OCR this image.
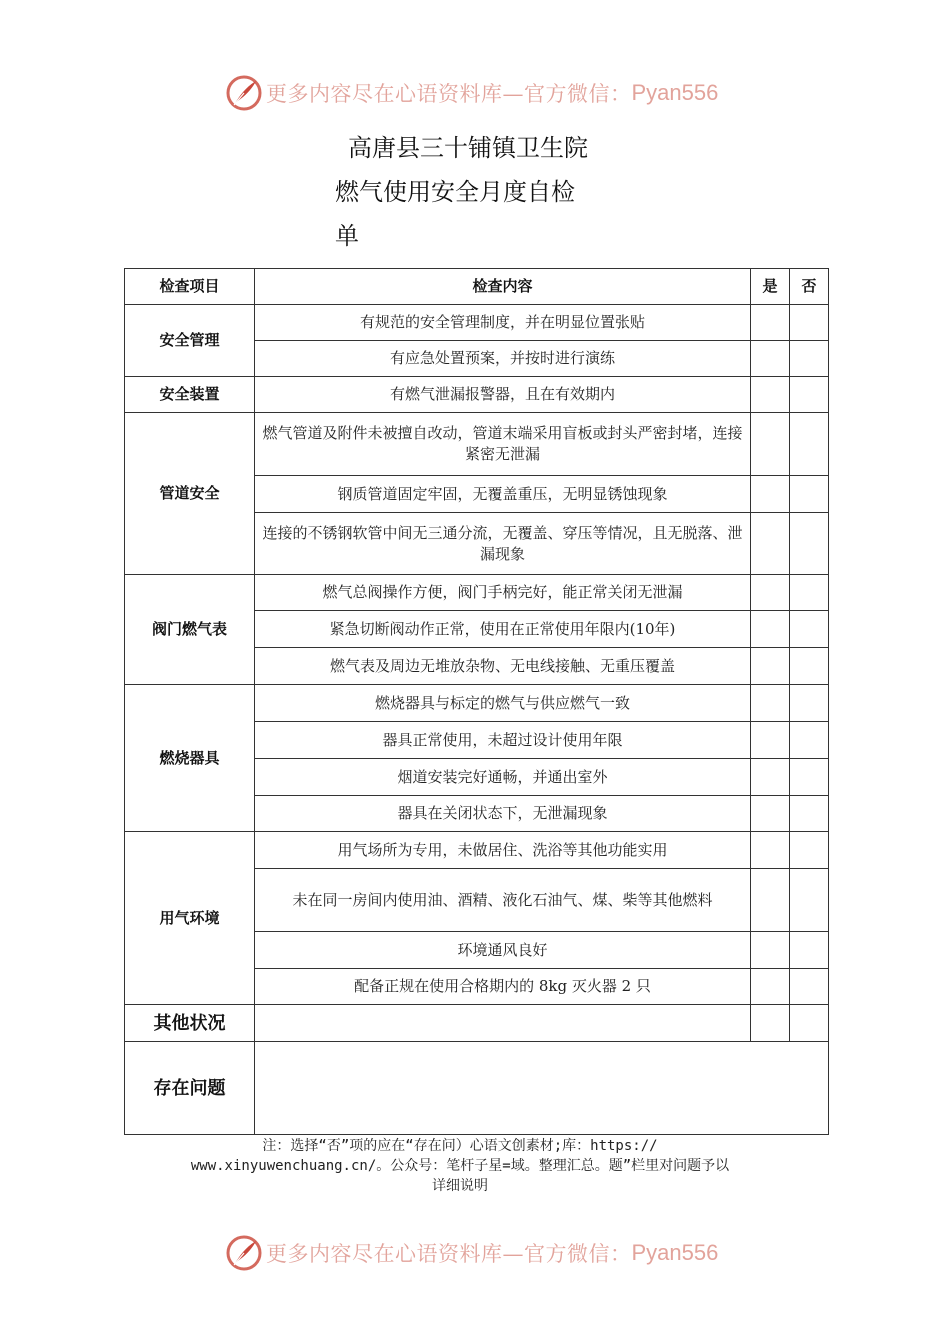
更多内容尽在心语资料库—官方微信： Pyan556
高唐县三十铺镇卫生院
燃气使用安全月度自检
单
检查项目	检查内容	是	否
安全管理	有规范的安全管理制度，并在明显位置张贴		
	有应急处置预案，并按时进行演练		
安全装置	有燃气泄漏报警器，且在有效期内		
管道安全	燃气管道及附件未被擅自改动，管道末端采用盲板或封头严密封堵，连接紧密无泄漏		
	钢质管道固定牢固，无覆盖重压，无明显锈蚀现象		
	连接的不锈钢软管中间无三通分流，无覆盖、穿压等情况，且无脱落、泄漏现象		
阀门燃气表	燃气总阀操作方便，阀门手柄完好，能正常关闭无泄漏		
	紧急切断阀动作正常，使用在正常使用年限内(10年)		
	燃气表及周边无堆放杂物、无电线接触、无重压覆盖		
燃烧器具	燃烧器具与标定的燃气与供应燃气一致		
	器具正常使用，未超过设计使用年限		
	烟道安装完好通畅，并通出室外		
	器具在关闭状态下，无泄漏现象		
用气环境	用气场所为专用，未做居住、洗浴等其他功能实用		
	未在同一房间内使用油、酒精、液化石油气、煤、柴等其他燃料		
	环境通风良好		
	配备正规在使用合格期内的 8kg 灭火器 2 只		
其他状况			
存在问题			
注：选择“否”项的应在“存在问）心语文创素材;库：https://
www.xinyuwenchuang.cn/。公众号：笔杆子星=域。整理汇总。题”栏里对问题予以
详细说明
更多内容尽在心语资料库—官方微信： Pyan556
